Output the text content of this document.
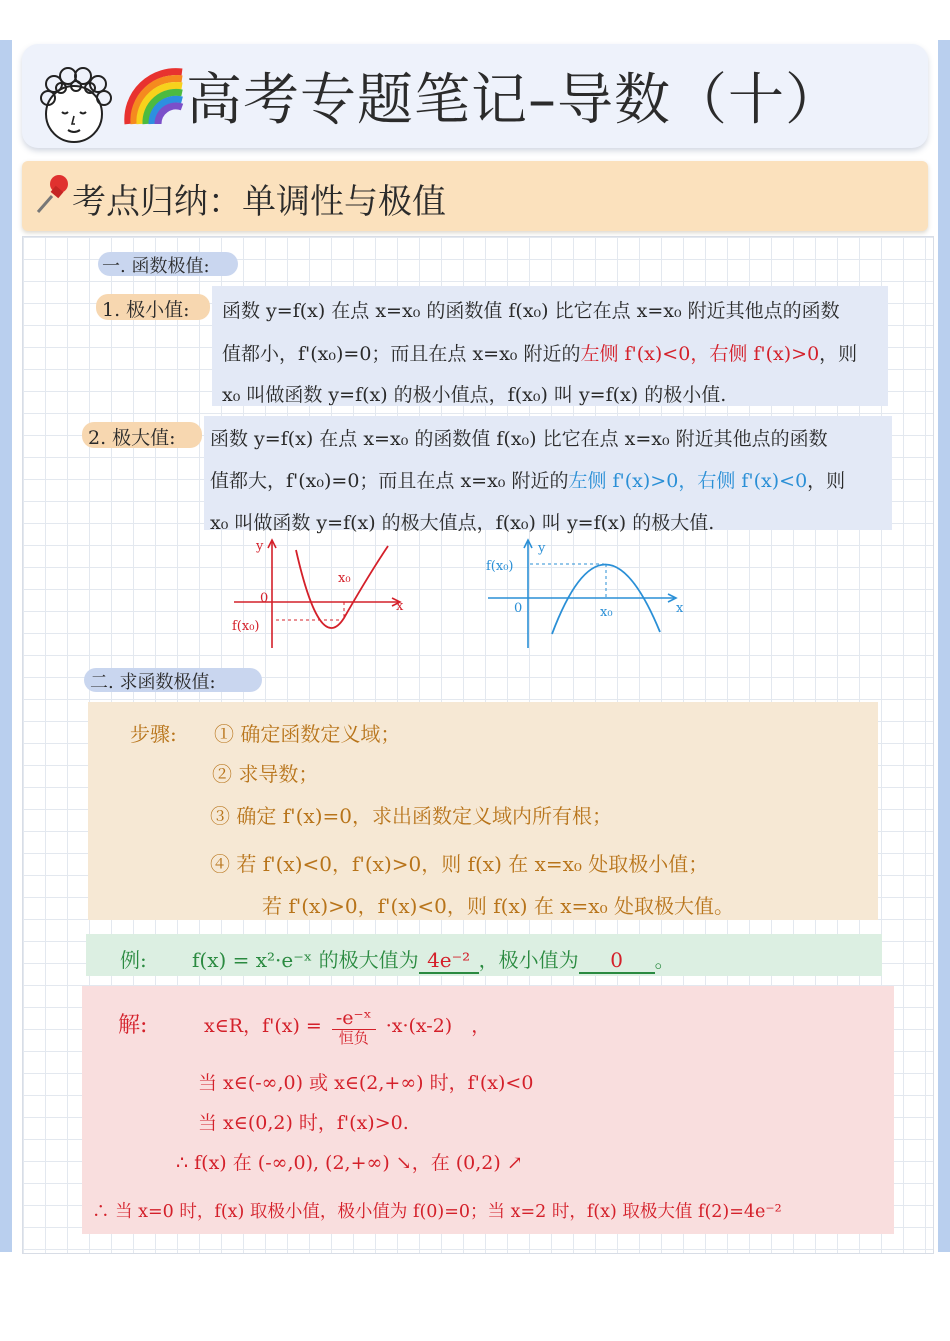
高考专题笔记–导数（十）
考点归纳：单调性与极值
一. 函数极值:
1. 极小值: 函数 y=f(x) 在点 x=x₀ 的函数值 f(x₀) 比它在点 x=x₀ 附近其他点的函数
值都小，f'(x₀)=0；而且在点 x=x₀ 附近的左侧 f'(x)<0，右侧 f'(x)>0，则
x₀ 叫做函数 y=f(x) 的极小值点，f(x₀) 叫 y=f(x) 的极小值.
2. 极大值: 函数 y=f(x) 在点 x=x₀ 的函数值 f(x₀) 比它在点 x=x₀ 附近其他点的函数
值都大，f'(x₀)=0；而且在点 x=x₀ 附近的左侧 f'(x)>0，右侧 f'(x)<0，则
x₀ 叫做函数 y=f(x) 的极大值点，f(x₀) 叫 y=f(x) 的极大值.
y
x
0
x₀
f(x₀)
y
x
0	x₀
f(x₀)
二. 求函数极值:
步骤: ① 确定函数定义域；
② 求导数；
③ 确定 f'(x)=0，求出函数定义域内所有根；
④ 若 f'(x)<0，f'(x)>0，则 f(x) 在 x=x₀ 处取极小值；
若 f'(x)>0，f'(x)<0，则 f(x) 在 x=x₀ 处取极大值。
例: f(x) = x²·e⁻ˣ 的极大值为 4e⁻² ，极小值为 0 。
解:	x∈R，f'(x) = -e⁻ˣ
恒负
·x·(x-2)　，
当 x∈(-∞,0) 或 x∈(2,+∞) 时，f'(x)<0
当 x∈(0,2) 时，f'(x)>0.
∴ f(x) 在 (-∞,0), (2,+∞) ↘，在 (0,2) ↗
∴ 当 x=0 时，f(x) 取极小值，极小值为 f(0)=0；当 x=2 时，f(x) 取极大值 f(2)=4e⁻²
